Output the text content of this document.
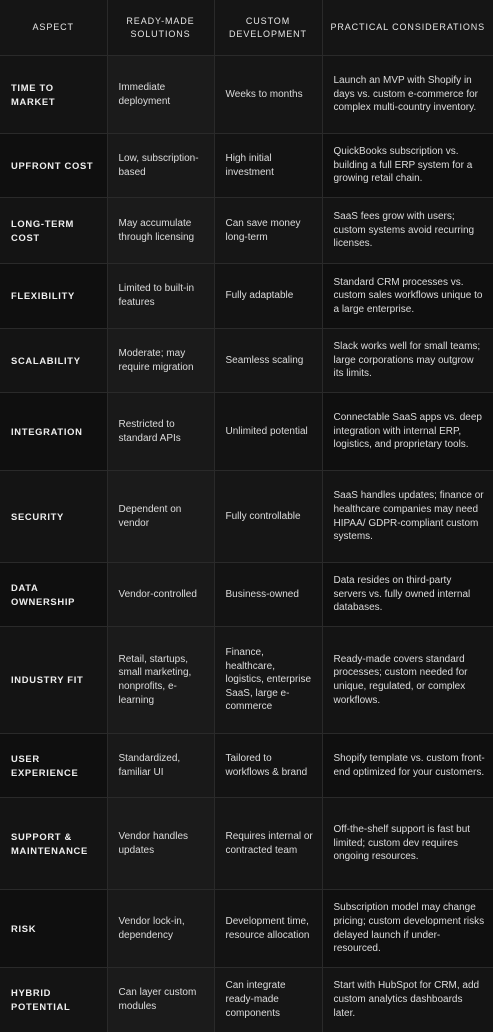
ASPECT	READY-MADE SOLUTIONS	CUSTOM DEVELOPMENT	PRACTICAL CONSIDERATIONS
TIME TO MARKET	Immediate deployment	Weeks to months	Launch an MVP with Shopify in days vs. custom e-commerce for complex multi-country inventory.
UPFRONT COST	Low, subscription-based	High initial investment	QuickBooks subscription vs. building a full ERP system for a growing retail chain.
LONG-TERM COST	May accumulate through licensing	Can save money long-term	SaaS fees grow with users; custom systems avoid recurring licenses.
FLEXIBILITY	Limited to built-in features	Fully adaptable	Standard CRM processes vs. custom sales workflows unique to a large enterprise.
SCALABILITY	Moderate; may require migration	Seamless scaling	Slack works well for small teams; large corporations may outgrow its limits.
INTEGRATION	Restricted to standard APIs	Unlimited potential	Connectable SaaS apps vs. deep integration with internal ERP, logistics, and proprietary tools.
SECURITY	Dependent on vendor	Fully controllable	SaaS handles updates; finance or healthcare companies may need HIPAA/ GDPR-compliant custom systems.
DATA OWNERSHIP	Vendor-controlled	Business-owned	Data resides on third-party servers vs. fully owned internal databases.
INDUSTRY FIT	Retail, startups, small marketing, nonprofits, e-learning	Finance, healthcare, logistics, enterprise SaaS, large e-commerce	Ready-made covers standard processes; custom needed for unique, regulated, or complex workflows.
USER EXPERIENCE	Standardized, familiar UI	Tailored to workflows & brand	Shopify template vs. custom front-end optimized for your customers.
SUPPORT & MAINTENANCE	Vendor handles updates	Requires internal or contracted team	Off-the-shelf support is fast but limited; custom dev requires ongoing resources.
RISK	Vendor lock-in, dependency	Development time, resource allocation	Subscription model may change pricing; custom development risks delayed launch if under-resourced.
HYBRID POTENTIAL	Can layer custom modules	Can integrate ready-made components	Start with HubSpot for CRM, add custom analytics dashboards later.
